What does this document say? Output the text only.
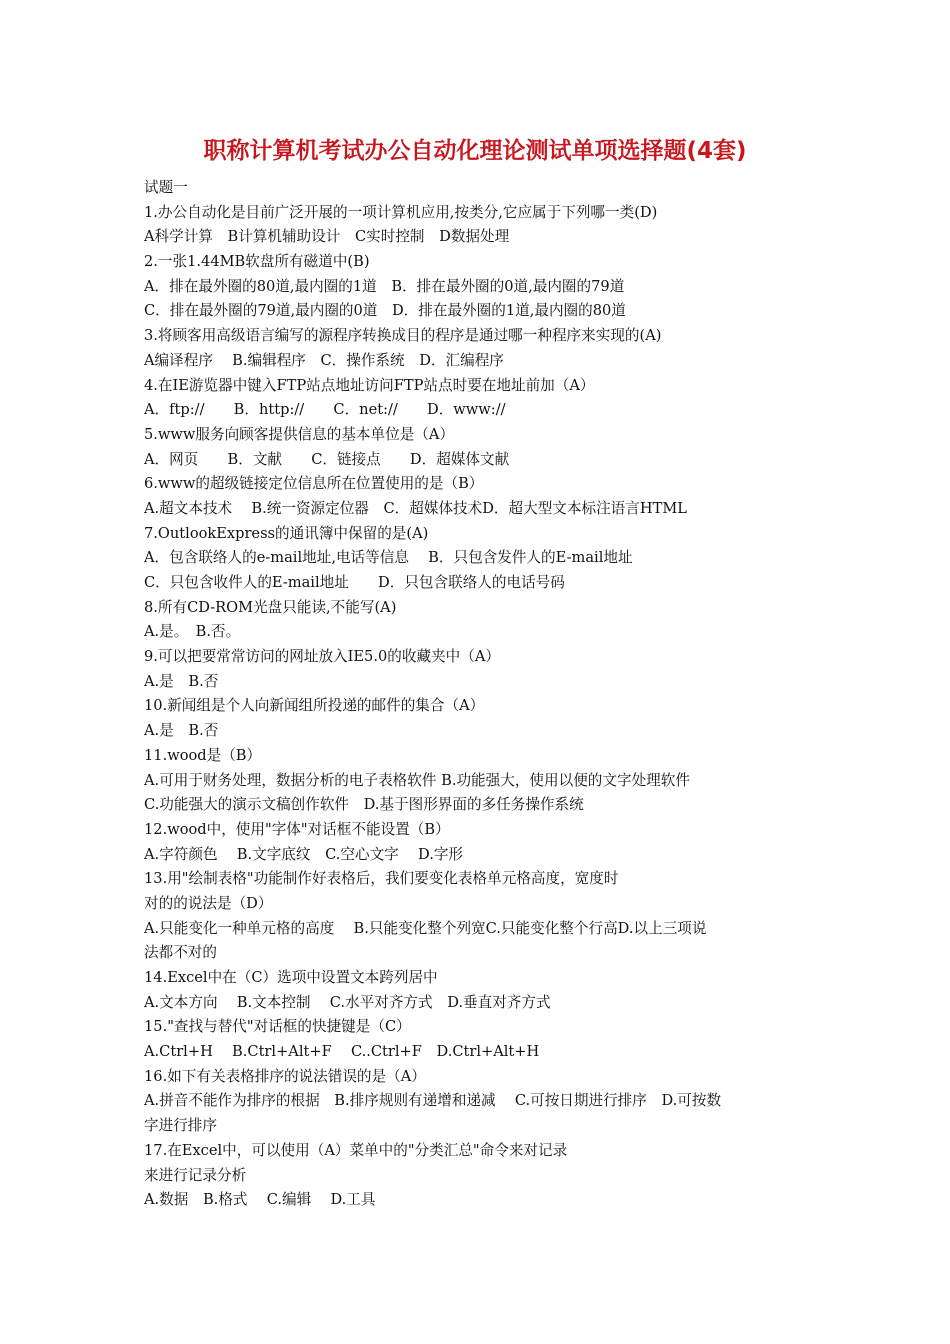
职称计算机考试办公自动化理论测试单项选择题(4套)
试题一
1.办公自动化是目前广泛开展的一项计算机应用,按类分,它应属于下列哪一类(D)
A科学计算　B计算机辅助设计　C实时控制　D数据处理
2.一张1.44MB软盘所有磁道中(B)
A．排在最外圈的80道,最内圈的1道　B．排在最外圈的0道,最内圈的79道
C．排在最外圈的79道,最内圈的0道　D．排在最外圈的1道,最内圈的80道
3.将顾客用高级语言编写的源程序转换成目的程序是通过哪一种程序来实现的(A)
A编译程序　 B.编辑程序　C．操作系统　D．汇编程序
4.在IE游览器中键入FTP站点地址访问FTP站点时要在地址前加（A）
A．ftp://　　B．http://　　C．net://　　D．www://
5.www服务向顾客提供信息的基本单位是（A）
A．网页　　B．文献　　C．链接点　　D．超媒体文献
6.www的超级链接定位信息所在位置使用的是（B）
A.超文本技术　 B.统一资源定位器　C．超媒体技术D．超大型文本标注语言HTML
7.OutlookExpress的通讯簿中保留的是(A)
A．包含联络人的e-mail地址,电话等信息　 B．只包含发件人的E-mail地址
C．只包含收件人的E-mail地址　　D．只包含联络人的电话号码
8.所有CD-ROM光盘只能读,不能写(A)
A.是。　B.否。
9.可以把要常常访问的网址放入IE5.0的收藏夹中（A）
A.是　B.否
10.新闻组是个人向新闻组所投递的邮件的集合（A）
A.是　B.否
11.wood是（B）
A.可用于财务处理，数据分析的电子表格软件 B.功能强大，使用以便的文字处理软件
C.功能强大的演示文稿创作软件　D.基于图形界面的多任务操作系统
12.wood中，使用"字体"对话框不能设置（B）
A.字符颜色　 B.文字底纹　C.空心文字　 D.字形
13.用"绘制表格"功能制作好表格后，我们要变化表格单元格高度，宽度时
对的的说法是（D）
A.只能变化一种单元格的高度　 B.只能变化整个列宽C.只能变化整个行高D.以上三项说
法都不对的
14.Excel中在（C）选项中设置文本跨列居中
A.文本方向　 B.文本控制　 C.水平对齐方式　D.垂直对齐方式
15."查找与替代"对话框的快捷键是（C）
A.Ctrl+H　 B.Ctrl+Alt+F　 C..Ctrl+F　D.Ctrl+Alt+H
16.如下有关表格排序的说法错误的是（A）
A.拼音不能作为排序的根据　B.排序规则有递增和递减　 C.可按日期进行排序　D.可按数
字进行排序
17.在Excel中，可以使用（A）菜单中的"分类汇总"命令来对记录
来进行记录分析
A.数据　B.格式　 C.编辑　 D.工具
